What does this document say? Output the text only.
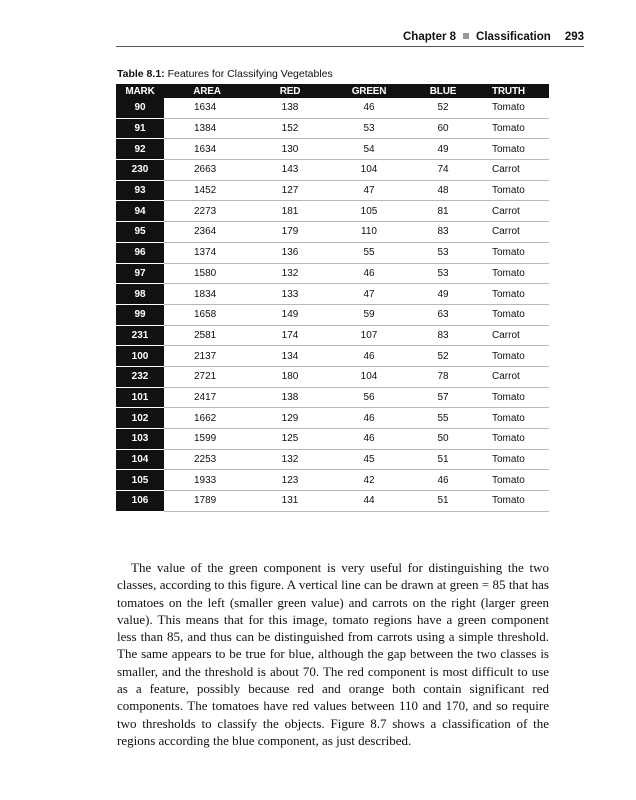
Chapter 8 Classification 293
Table 8.1: Features for Classifying Vegetables
MARK	AREA	RED	GREEN	BLUE	TRUTH
90	1634	138	46	52	Tomato
91	1384	152	53	60	Tomato
92	1634	130	54	49	Tomato
230	2663	143	104	74	Carrot
93	1452	127	47	48	Tomato
94	2273	181	105	81	Carrot
95	2364	179	110	83	Carrot
96	1374	136	55	53	Tomato
97	1580	132	46	53	Tomato
98	1834	133	47	49	Tomato
99	1658	149	59	63	Tomato
231	2581	174	107	83	Carrot
100	2137	134	46	52	Tomato
232	2721	180	104	78	Carrot
101	2417	138	56	57	Tomato
102	1662	129	46	55	Tomato
103	1599	125	46	50	Tomato
104	2253	132	45	51	Tomato
105	1933	123	42	46	Tomato
106	1789	131	44	51	Tomato

The value of the green component is very useful for distinguishing the two classes, according to this figure. A vertical line can be drawn at green = 85 that has tomatoes on the left (smaller green value) and carrots on the right (larger green value). This means that for this image, tomato regions have a green component less than 85, and thus can be distinguished from carrots using a simple threshold. The same appears to be true for blue, although the gap between the two classes is smaller, and the threshold is about 70. The red component is most difficult to use as a feature, possibly because red and orange both contain significant red components. The tomatoes have red values between 110 and 170, and so require two thresholds to classify the objects. Figure 8.7 shows a classification of the regions according the blue component, as just described.
